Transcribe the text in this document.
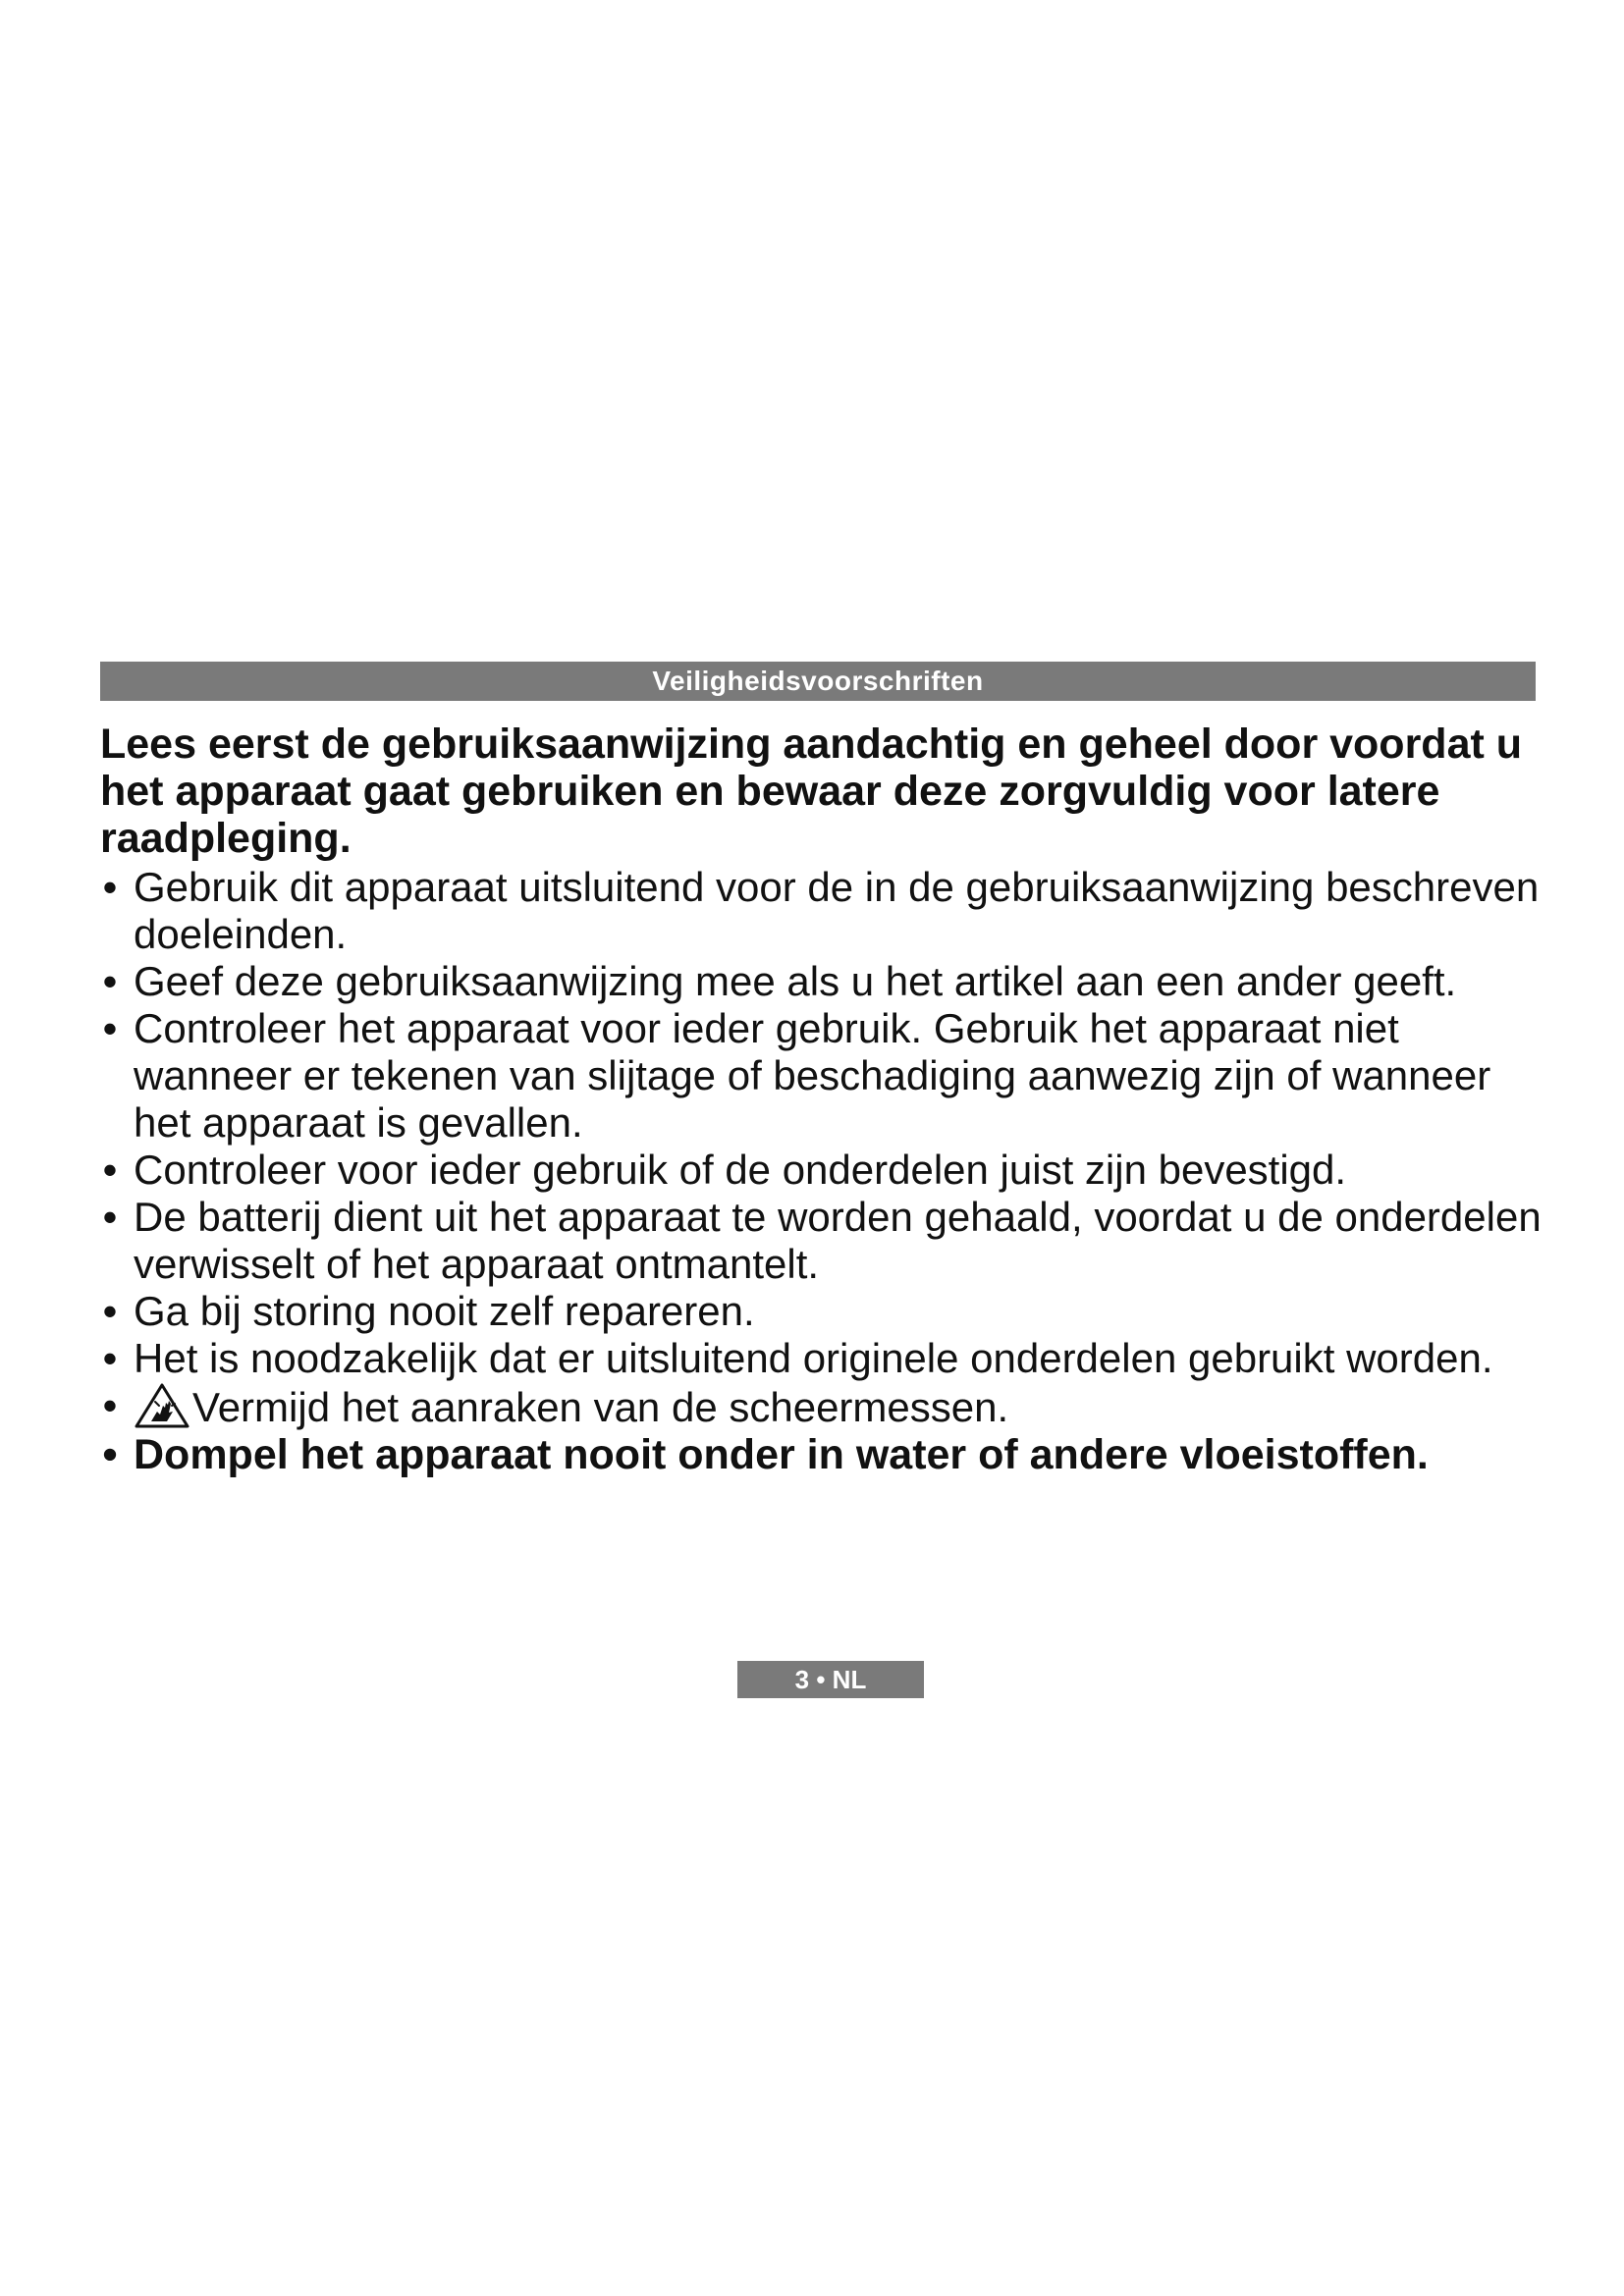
Veiligheidsvoorschriften

Lees eerst de gebruiksaanwijzing aandachtig en geheel door voordat u het apparaat gaat gebruiken en bewaar deze zorgvuldig voor latere raadpleging.

• Gebruik dit apparaat uitsluitend voor de in de gebruiksaanwijzing beschreven doeleinden.
• Geef deze gebruiksaanwijzing mee als u het artikel aan een ander geeft.
• Controleer het apparaat voor ieder gebruik. Gebruik het apparaat niet wanneer er tekenen van slijtage of beschadiging aanwezig zijn of wanneer het apparaat is gevallen.
• Controleer voor ieder gebruik of de onderdelen juist zijn bevestigd.
• De batterij dient uit het apparaat te worden gehaald, voordat u de onderdelen verwisselt of het apparaat ontmantelt.
• Ga bij storing nooit zelf repareren.
• Het is noodzakelijk dat er uitsluitend originele onderdelen gebruikt worden.
• Vermijd het aanraken van de scheermessen.
• Dompel het apparaat nooit onder in water of andere vloeistoffen.
3 • NL
